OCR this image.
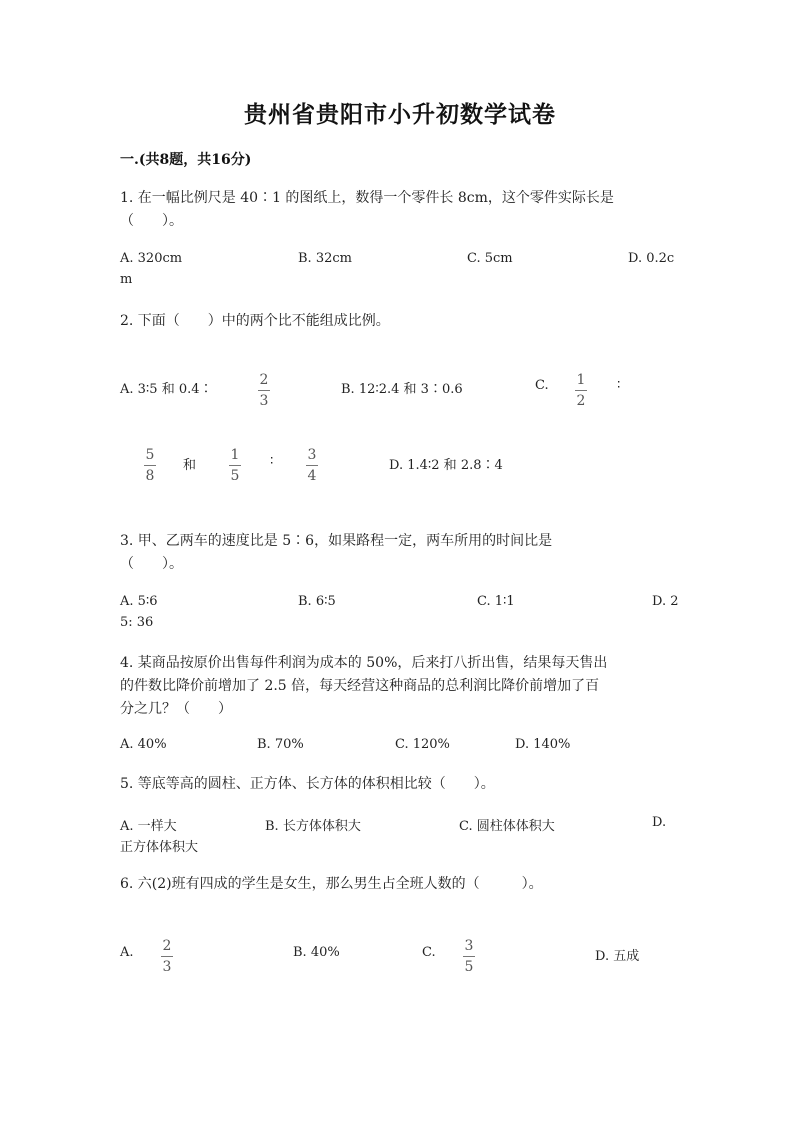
贵州省贵阳市小升初数学试卷
一.(共8题，共16分)
1. 在一幅比例尺是 40∶1 的图纸上，数得一个零件长 8cm，这个零件实际长是
（　　）。
A. 320cm	B. 32cm	C. 5cm	D. 0.2c
m
2. 下面（　　）中的两个比不能组成比例。
A. 3∶5 和 0.4∶
2
3
B. 12∶2.4 和 3∶0.6	C. 1
2
∶
5
8
和
1
5
∶ 3
4
D. 1.4∶2 和 2.8∶4
3. 甲、乙两车的速度比是 5∶6，如果路程一定，两车所用的时间比是
（　　）。
A. 5∶6	B. 6∶5	C. 1∶1	D. 2
5: 36
4. 某商品按原价出售每件利润为成本的 50%，后来打八折出售，结果每天售出
的件数比降价前增加了 2.5 倍，每天经营这种商品的总利润比降价前增加了百
分之几？（　　）
A. 40%	B. 70%	C. 120%	D. 140%
5. 等底等高的圆柱、正方体、长方体的体积相比较（　　）。
A. 一样大	B. 长方体体积大	C. 圆柱体体积大	D.
正方体体积大
6. 六(2)班有四成的学生是女生，那么男生占全班人数的（　　　）。
A. 2
3
B. 40%	C. 3
5
D. 五成
